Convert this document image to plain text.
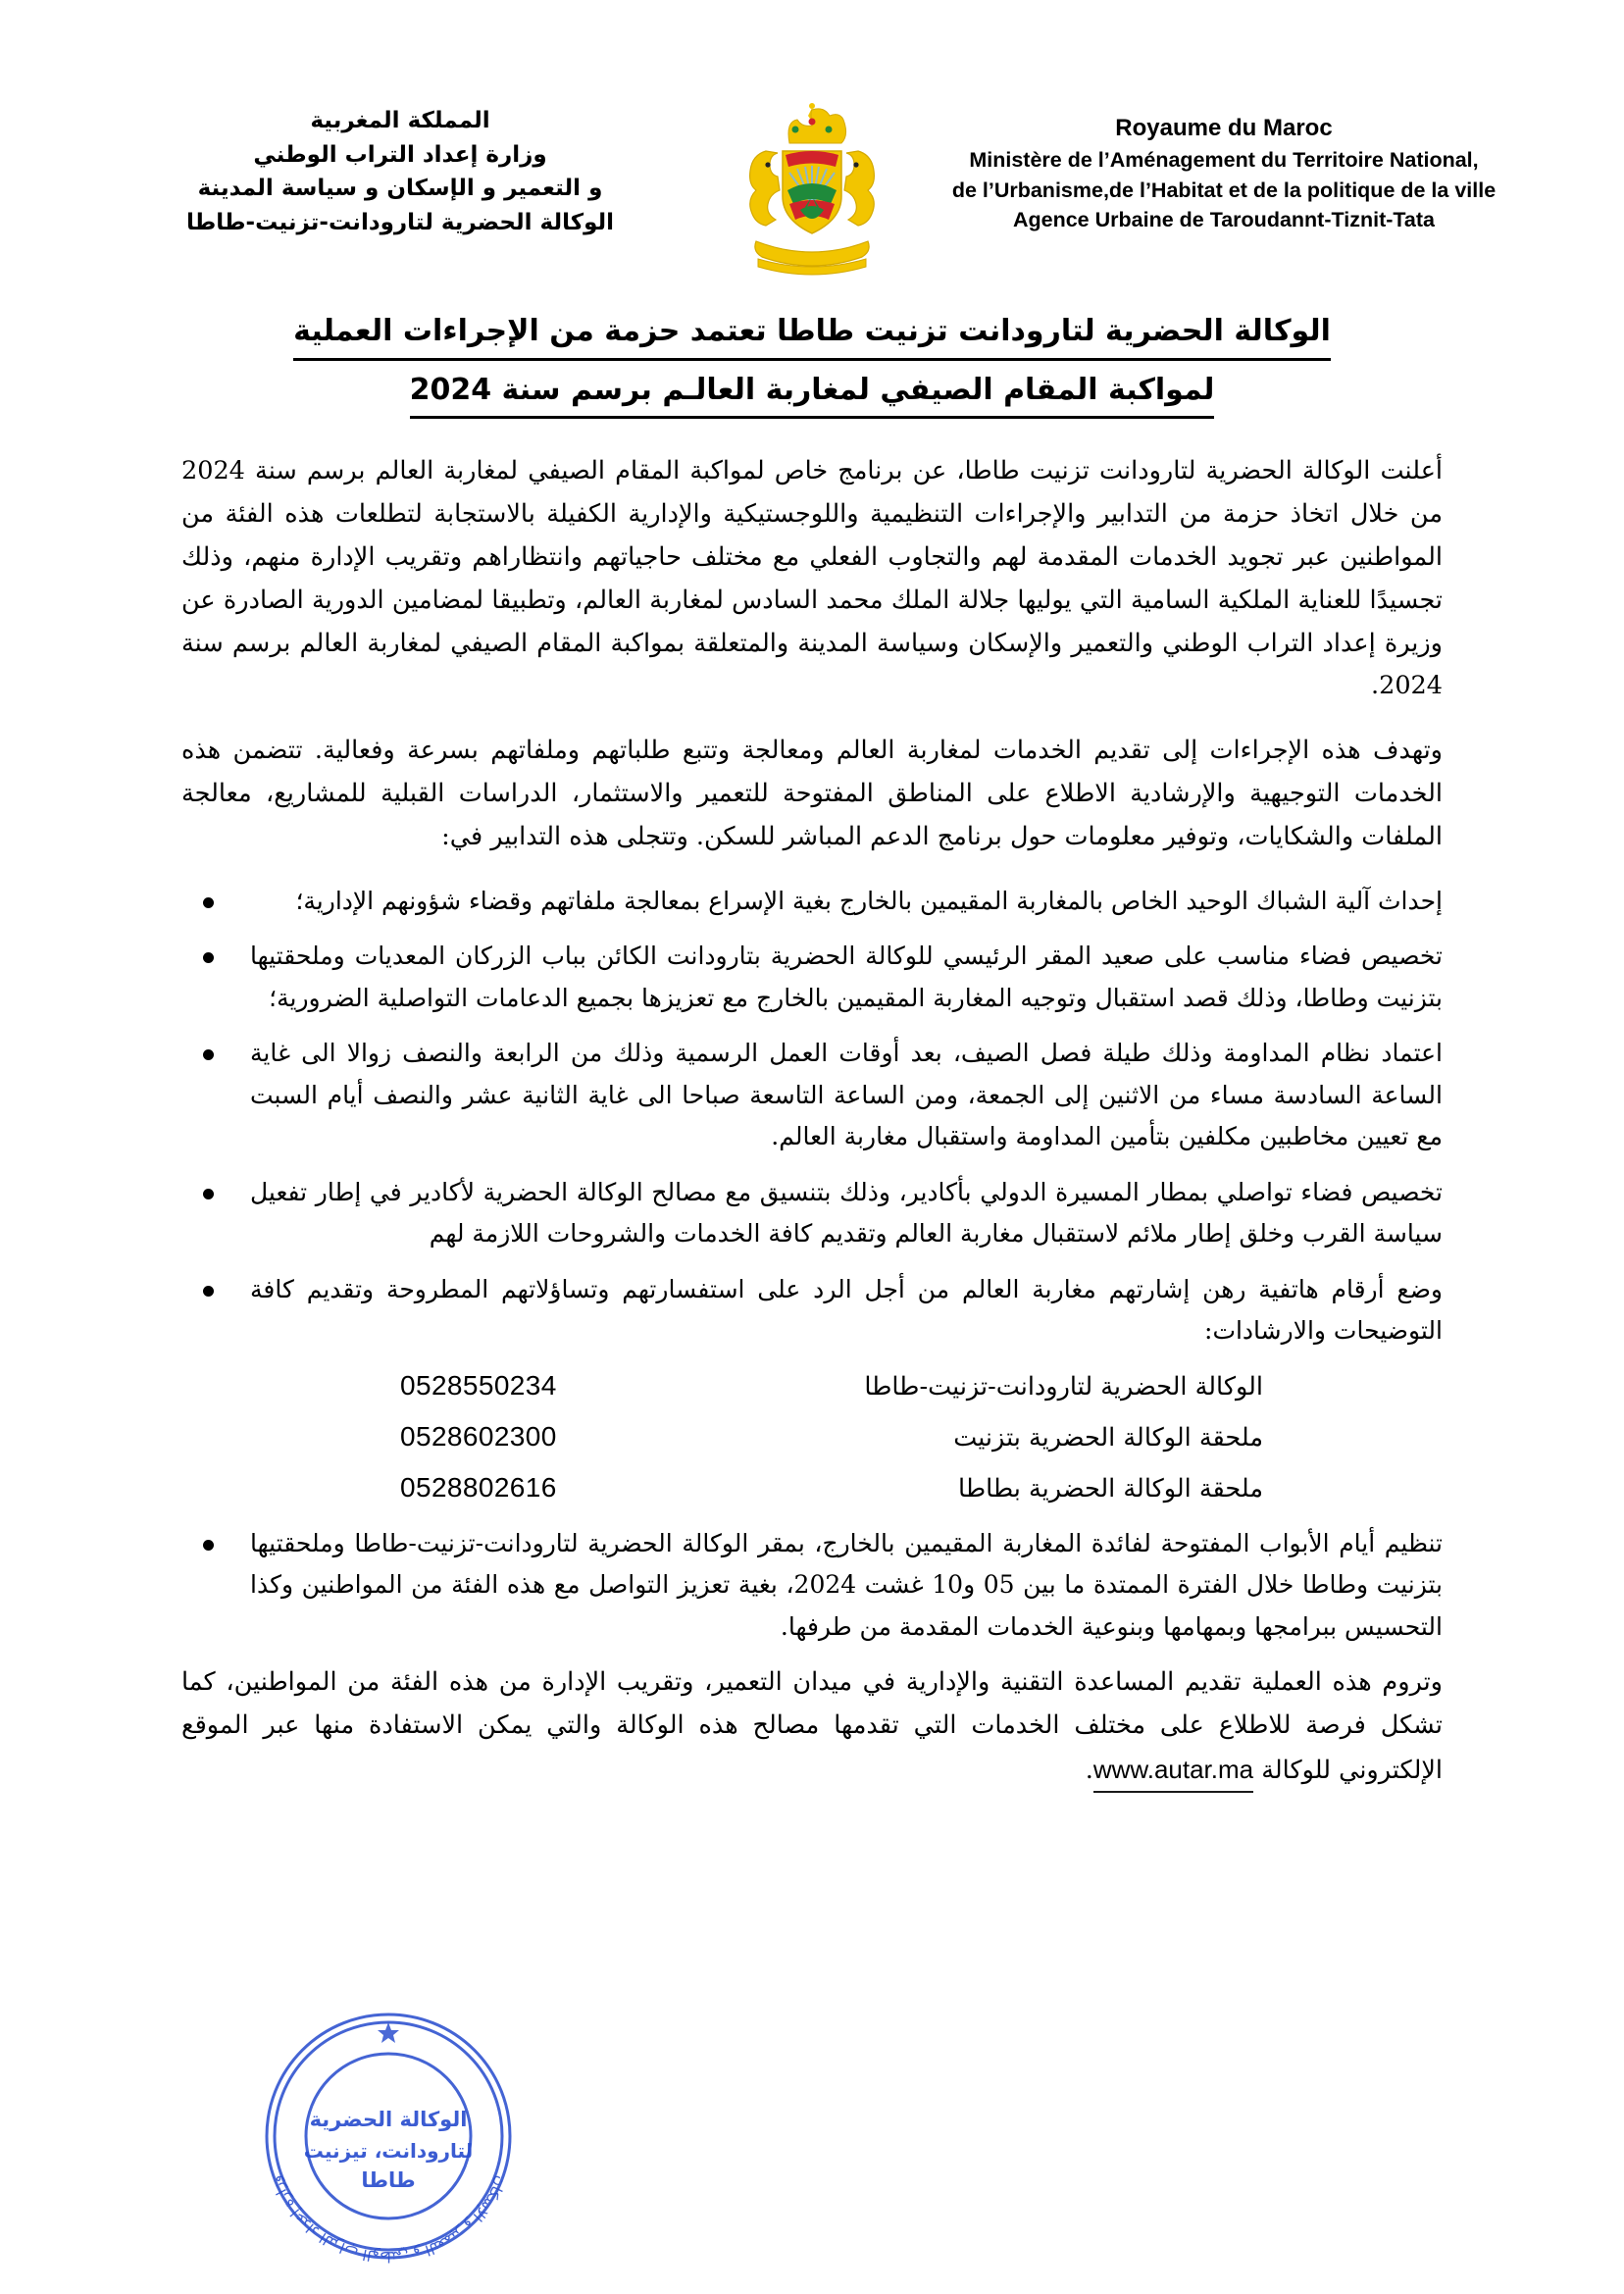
Royaume du Maroc
Ministère de l’Aménagement du Territoire National,
de l’Urbanisme,de l’Habitat et de la politique de la ville
Agence Urbaine de Taroudannt-Tiznit-Tata
المملكة المغربية
وزارة إعداد التراب الوطني
و التعمير و الإسكان و سياسة المدينة
الوكالة الحضرية لتارودانت-تزنيت-طاطا
الوكالة الحضرية لتارودانت تزنيت طاطا تعتمد حزمة من الإجراءات العملية
لمواكبة المقام الصيفي لمغاربة العالـم برسم سنة 2024

أعلنت الوكالة الحضرية لتارودانت تزنيت طاطا، عن برنامج خاص لمواكبة المقام الصيفي لمغاربة العالم برسم سنة 2024 من خلال اتخاذ حزمة من التدابير والإجراءات التنظيمية واللوجستيكية والإدارية الكفيلة بالاستجابة لتطلعات هذه الفئة من المواطنين عبر تجويد الخدمات المقدمة لهم والتجاوب الفعلي مع مختلف حاجياتهم وانتظاراهم وتقريب الإدارة منهم، وذلك تجسيدًا للعناية الملكية السامية التي يوليها جلالة الملك محمد السادس لمغاربة العالم، وتطبيقا لمضامين الدورية الصادرة عن وزيرة إعداد التراب الوطني والتعمير والإسكان وسياسة المدينة والمتعلقة بمواكبة المقام الصيفي لمغاربة العالم برسم سنة 2024.

وتهدف هذه الإجراءات إلى تقديم الخدمات لمغاربة العالم ومعالجة وتتبع طلباتهم وملفاتهم بسرعة وفعالية. تتضمن هذه الخدمات التوجيهية والإرشادية الاطلاع على المناطق المفتوحة للتعمير والاستثمار، الدراسات القبلية للمشاريع، معالجة الملفات والشكايات، وتوفير معلومات حول برنامج الدعم المباشر للسكن. وتتجلى هذه التدابير في:

إحداث آلية الشباك الوحيد الخاص بالمغاربة المقيمين بالخارج بغية الإسراع بمعالجة ملفاتهم وقضاء شؤونهم الإدارية؛
تخصيص فضاء مناسب على صعيد المقر الرئيسي للوكالة الحضرية بتارودانت الكائن بباب الزركان المعديات وملحقتيها بتزنيت وطاطا، وذلك قصد استقبال وتوجيه المغاربة المقيمين بالخارج مع تعزيزها بجميع الدعامات التواصلية الضرورية؛
اعتماد نظام المداومة وذلك طيلة فصل الصيف، بعد أوقات العمل الرسمية وذلك من الرابعة والنصف زوالا الى غاية الساعة السادسة مساء من الاثنين إلى الجمعة، ومن الساعة التاسعة صباحا الى غاية الثانية عشر والنصف أيام السبت مع تعيين مخاطبين مكلفين بتأمين المداومة واستقبال مغاربة العالم.
تخصيص فضاء تواصلي بمطار المسيرة الدولي بأكادير، وذلك بتنسيق مع مصالح الوكالة الحضرية لأكادير في إطار تفعيل سياسة القرب وخلق إطار ملائم لاستقبال مغاربة العالم وتقديم كافة الخدمات والشروحات اللازمة لهم
وضع أرقام هاتفية رهن إشارتهم مغاربة العالم من أجل الرد على استفسارتهم وتساؤلاتهم المطروحة وتقديم كافة التوضيحات والارشادات:
الوكالة الحضرية لتارودانت-تزنيت-طاطا
0528550234
ملحقة الوكالة الحضرية بتزنيت
0528602300
ملحقة الوكالة الحضرية بطاطا
0528802616
تنظيم أيام الأبواب المفتوحة لفائدة المغاربة المقيمين بالخارج، بمقر الوكالة الحضرية لتارودانت-تزنيت-طاطا وملحقتيها بتزنيت وطاطا خلال الفترة الممتدة ما بين 05 و10 غشت 2024، بغية تعزيز التواصل مع هذه الفئة من المواطنين وكذا التحسيس ببرامجها وبمهامها وبنوعية الخدمات المقدمة من طرفها.

وتروم هذه العملية تقديم المساعدة التقنية والإدارية في ميدان التعمير، وتقريب الإدارة من هذه الفئة من المواطنين، كما تشكل فرصة للاطلاع على مختلف الخدمات التي تقدمها مصالح هذه الوكالة والتي يمكن الاستفادة منها عبر الموقع الإلكتروني للوكالة www.autar.ma.

وزارة إعداد التراب الوطني و التعمير و الإسكان
الوكالة الحضرية
لتارودانت، تيزنيت
طاطا
